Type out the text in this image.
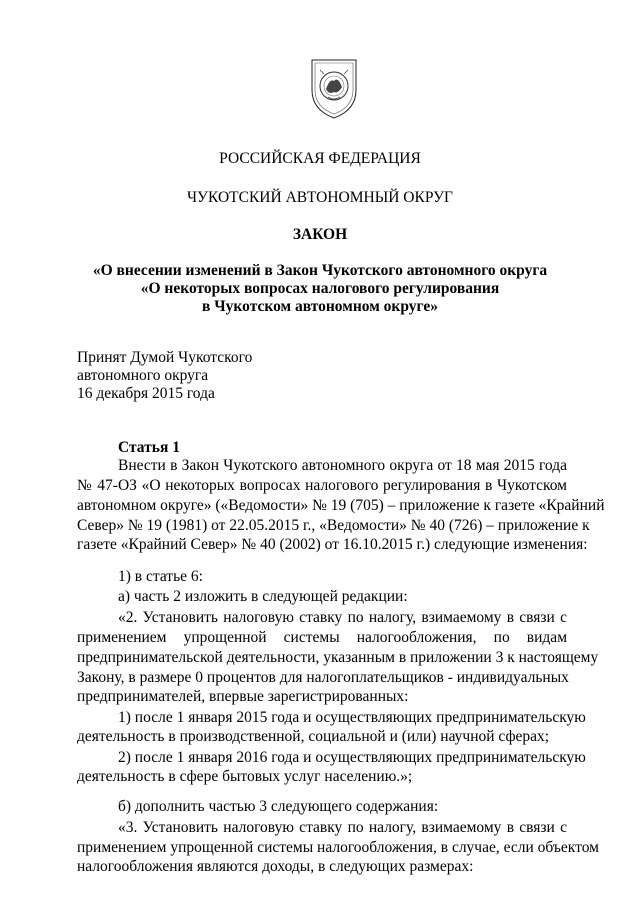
РОССИЙСКАЯ ФЕДЕРАЦИЯ
ЧУКОТСКИЙ АВТОНОМНЫЙ ОКРУГ
ЗАКОН
«О внесении изменений в Закон Чукотского автономного округа
«О некоторых вопросах налогового регулирования
в Чукотском автономном округе»
Принят Думой Чукотского
автономного округа
16 декабря 2015 года
Статья 1
Внести в Закон Чукотского автономного округа от 18 мая 2015 года
№ 47-ОЗ «О некоторых вопросах налогового регулирования в Чукотском
автономном округе» («Ведомости» № 19 (705) – приложение к газете «Крайний
Север» № 19 (1981) от 22.05.2015 г., «Ведомости» № 40 (726) – приложение к
газете «Крайний Север» № 40 (2002) от 16.10.2015 г.) следующие изменения:
1) в статье 6:
а) часть 2 изложить в следующей редакции:
«2. Установить налоговую ставку по налогу, взимаемому в связи с
применением упрощенной системы налогообложения, по видам
предпринимательской деятельности, указанным в приложении 3 к настоящему
Закону, в размере 0 процентов для налогоплательщиков - индивидуальных
предпринимателей, впервые зарегистрированных:
1) после 1 января 2015 года и осуществляющих предпринимательскую
деятельность в производственной, социальной и (или) научной сферах;
2) после 1 января 2016 года и осуществляющих предпринимательскую
деятельность в сфере бытовых услуг населению.»;
б) дополнить частью 3 следующего содержания:
«3. Установить налоговую ставку по налогу, взимаемому в связи с
применением упрощенной системы налогообложения, в случае, если объектом
налогообложения являются доходы, в следующих размерах:
